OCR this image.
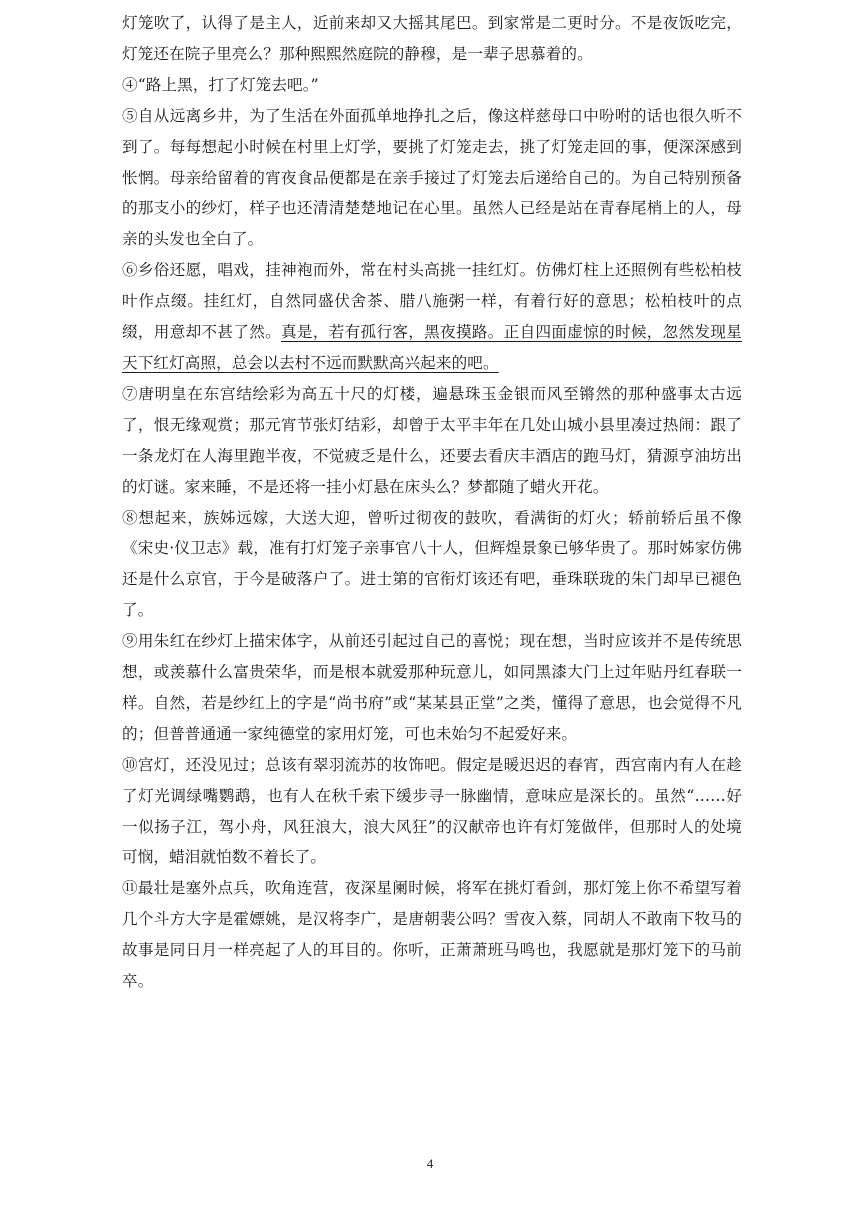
灯笼吹了，认得了是主人，近前来却又大摇其尾巴。到家常是二更时分。不是夜饭吃完，灯笼还在院子里亮么？那种熙熙然庭院的静穆，是一辈子思慕着的。

④“路上黑，打了灯笼去吧。”

⑤自从远离乡井，为了生活在外面孤单地挣扎之后，像这样慈母口中吩咐的话也很久听不到了。每每想起小时候在村里上灯学，要挑了灯笼走去，挑了灯笼走回的事，便深深感到怅惘。母亲给留着的宵夜食品便都是在亲手接过了灯笼去后递给自己的。为自己特别预备的那支小的纱灯，样子也还清清楚楚地记在心里。虽然人已经是站在青春尾梢上的人，母亲的头发也全白了。

⑥乡俗还愿，唱戏，挂神袍而外，常在村头高挑一挂红灯。仿佛灯柱上还照例有些松柏枝叶作点缀。挂红灯，自然同盛伏舍茶、腊八施粥一样，有着行好的意思；松柏枝叶的点缀，用意却不甚了然。真是，若有孤行客，黑夜摸路。正自四面虚惊的时候，忽然发现星天下红灯高照，总会以去村不远而默默高兴起来的吧。

⑦唐明皇在东宫结绘彩为高五十尺的灯楼，遍悬珠玉金银而风至锵然的那种盛事太古远了，恨无缘观赏；那元宵节张灯结彩，却曾于太平丰年在几处山城小县里凑过热闹：跟了一条龙灯在人海里跑半夜，不觉疲乏是什么，还要去看庆丰酒店的跑马灯，猜源亨油坊出的灯谜。家来睡，不是还将一挂小灯悬在床头么？梦都随了蜡火开花。

⑧想起来，族姊远嫁，大送大迎，曾听过彻夜的鼓吹，看满街的灯火；轿前轿后虽不像《宋史·仪卫志》载，准有打灯笼子亲事官八十人，但辉煌景象已够华贵了。那时姊家仿佛还是什么京官，于今是破落户了。进士第的官衔灯该还有吧，垂珠联珑的朱门却早已褪色了。

⑨用朱红在纱灯上描宋体字，从前还引起过自己的喜悦；现在想，当时应该并不是传统思想，或羡慕什么富贵荣华，而是根本就爱那种玩意儿，如同黑漆大门上过年贴丹红春联一样。自然，若是纱红上的字是“尚书府”或“某某县正堂”之类，懂得了意思，也会觉得不凡的；但普普通通一家纯德堂的家用灯笼，可也未始匀不起爱好来。

⑩宫灯，还没见过；总该有翠羽流苏的妆饰吧。假定是暖迟迟的春宵，西宫南内有人在趁了灯光调绿嘴鹦鹉，也有人在秋千索下缓步寻一脉幽情，意味应是深长的。虽然“……好一似扬子江，驾小舟，风狂浪大，浪大风狂”的汉献帝也许有灯笼做伴，但那时人的处境可悯，蜡泪就怕数不着长了。

⑪最壮是塞外点兵，吹角连营，夜深星阑时候，将军在挑灯看剑，那灯笼上你不希望写着几个斗方大字是霍嫖姚，是汉将李广，是唐朝裴公吗？雪夜入蔡，同胡人不敢南下牧马的故事是同日月一样亮起了人的耳目的。你听，正萧萧班马鸣也，我愿就是那灯笼下的马前卒。

4
